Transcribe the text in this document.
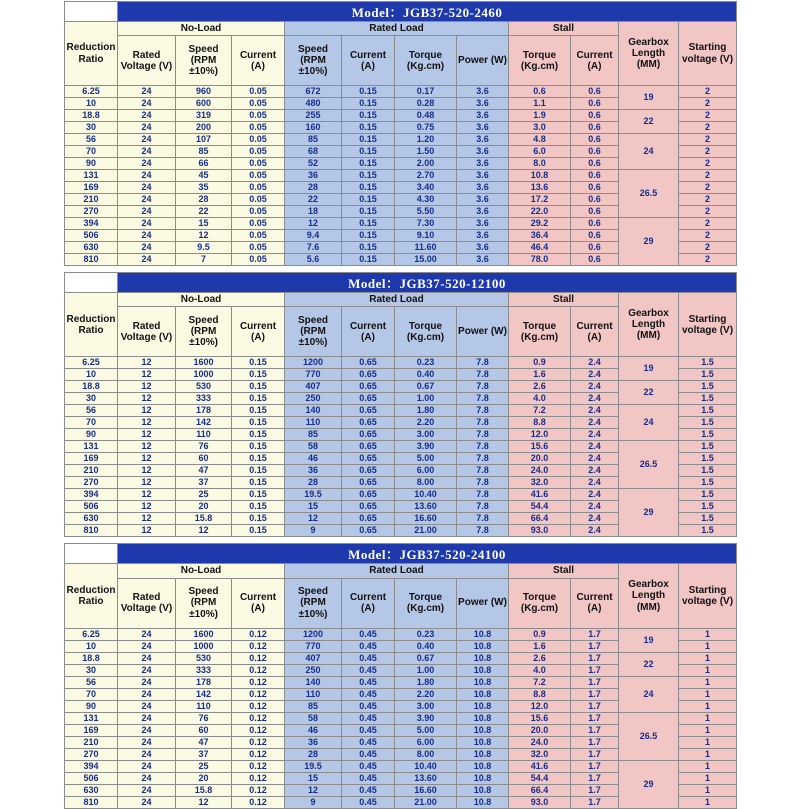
	Model：JGB37-520-2460										
Reduction Ratio	No-Load			Rated Load				Stall		Gearbox Length (MM)	Starting voltage (V)
	Rated Voltage (V)	Speed (RPM ±10%)	Current (A)	Speed (RPM ±10%)	Current (A)	Torque (Kg.cm)	Power (W)	Torque (Kg.cm)	Current (A)		
6.25	24	960	0.05	672	0.15	0.17	3.6	0.6	0.6	19	2
10	24	600	0.05	480	0.15	0.28	3.6	1.1	0.6		2
18.8	24	319	0.05	255	0.15	0.48	3.6	1.9	0.6	22	2
30	24	200	0.05	160	0.15	0.75	3.6	3.0	0.6		2
56	24	107	0.05	85	0.15	1.20	3.6	4.8	0.6	24	2
70	24	85	0.05	68	0.15	1.50	3.6	6.0	0.6		2
90	24	66	0.05	52	0.15	2.00	3.6	8.0	0.6		2
131	24	45	0.05	36	0.15	2.70	3.6	10.8	0.6	26.5	2
169	24	35	0.05	28	0.15	3.40	3.6	13.6	0.6		2
210	24	28	0.05	22	0.15	4.30	3.6	17.2	0.6		2
270	24	22	0.05	18	0.15	5.50	3.6	22.0	0.6		2
394	24	15	0.05	12	0.15	7.30	3.6	29.2	0.6	29	2
506	24	12	0.05	9.4	0.15	9.10	3.6	36.4	0.6		2
630	24	9.5	0.05	7.6	0.15	11.60	3.6	46.4	0.6		2
810	24	7	0.05	5.6	0.15	15.00	3.6	78.0	0.6		2
	Model：JGB37-520-12100										
Reduction Ratio	No-Load			Rated Load				Stall		Gearbox Length (MM)	Starting voltage (V)
	Rated Voltage (V)	Speed (RPM ±10%)	Current (A)	Speed (RPM ±10%)	Current (A)	Torque (Kg.cm)	Power (W)	Torque (Kg.cm)	Current (A)		
6.25	12	1600	0.15	1200	0.65	0.23	7.8	0.9	2.4	19	1.5
10	12	1000	0.15	770	0.65	0.40	7.8	1.6	2.4		1.5
18.8	12	530	0.15	407	0.65	0.67	7.8	2.6	2.4	22	1.5
30	12	333	0.15	250	0.65	1.00	7.8	4.0	2.4		1.5
56	12	178	0.15	140	0.65	1.80	7.8	7.2	2.4	24	1.5
70	12	142	0.15	110	0.65	2.20	7.8	8.8	2.4		1.5
90	12	110	0.15	85	0.65	3.00	7.8	12.0	2.4		1.5
131	12	76	0.15	58	0.65	3.90	7.8	15.6	2.4	26.5	1.5
169	12	60	0.15	46	0.65	5.00	7.8	20.0	2.4		1.5
210	12	47	0.15	36	0.65	6.00	7.8	24.0	2.4		1.5
270	12	37	0.15	28	0.65	8.00	7.8	32.0	2.4		1.5
394	12	25	0.15	19.5	0.65	10.40	7.8	41.6	2.4	29	1.5
506	12	20	0.15	15	0.65	13.60	7.8	54.4	2.4		1.5
630	12	15.8	0.15	12	0.65	16.60	7.8	66.4	2.4		1.5
810	12	12	0.15	9	0.65	21.00	7.8	93.0	2.4		1.5
	Model：JGB37-520-24100										
Reduction Ratio	No-Load			Rated Load				Stall		Gearbox Length (MM)	Starting voltage (V)
	Rated Voltage (V)	Speed (RPM ±10%)	Current (A)	Speed (RPM ±10%)	Current (A)	Torque (Kg.cm)	Power (W)	Torque (Kg.cm)	Current (A)		
6.25	24	1600	0.12	1200	0.45	0.23	10.8	0.9	1.7	19	1
10	24	1000	0.12	770	0.45	0.40	10.8	1.6	1.7		1
18.8	24	530	0.12	407	0.45	0.67	10.8	2.6	1.7	22	1
30	24	333	0.12	250	0.45	1.00	10.8	4.0	1.7		1
56	24	178	0.12	140	0.45	1.80	10.8	7.2	1.7	24	1
70	24	142	0.12	110	0.45	2.20	10.8	8.8	1.7		1
90	24	110	0.12	85	0.45	3.00	10.8	12.0	1.7		1
131	24	76	0.12	58	0.45	3.90	10.8	15.6	1.7	26.5	1
169	24	60	0.12	46	0.45	5.00	10.8	20.0	1.7		1
210	24	47	0.12	36	0.45	6.00	10.8	24.0	1.7		1
270	24	37	0.12	28	0.45	8.00	10.8	32.0	1.7		1
394	24	25	0.12	19.5	0.45	10.40	10.8	41.6	1.7	29	1
506	24	20	0.12	15	0.45	13.60	10.8	54.4	1.7		1
630	24	15.8	0.12	12	0.45	16.60	10.8	66.4	1.7		1
810	24	12	0.12	9	0.45	21.00	10.8	93.0	1.7		1
